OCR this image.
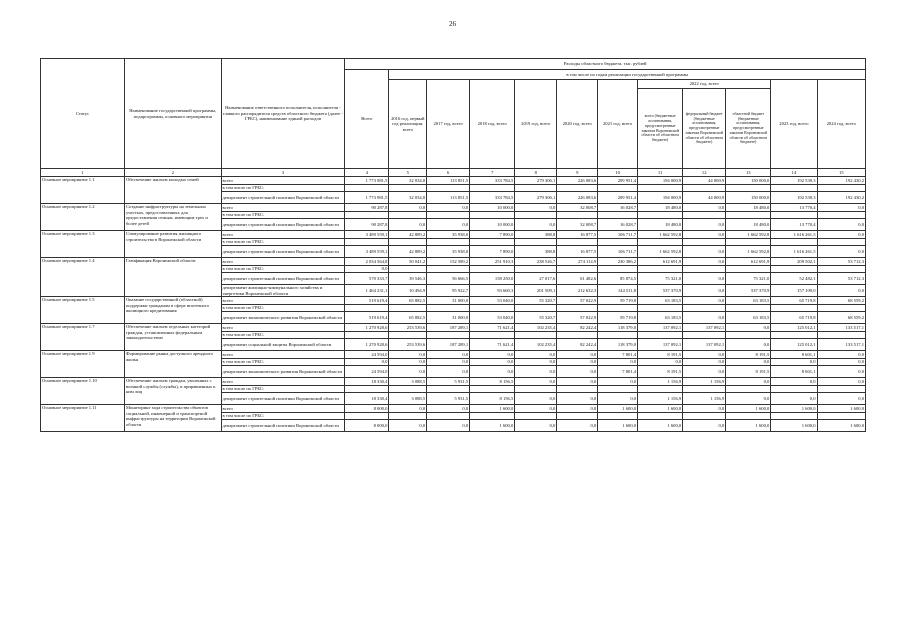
26
Статус	Наименование государственной программы, подпрограммы, основного мероприятия	Наименование ответственного исполнителя, исполнителя - главного распорядителя средств областного бюджета (далее - ГРБС), наименование единой расходов	Расходы областного бюджета, тыс. рублей											
			Всего	в том числе по годам реализации государственной программы										
				2016 год, первый год реализации, всего	2017 год, всего	2018 год, всего	2019 год, всего	2020 год, всего	2021 год, всего	2022 год, всего			2023 год, всего	2024 год, всего
										всего (бюджетные ассигнования, предусмотренные законом Воронежской области об областном бюджете)	федеральный бюджет (бюджетные ассигнования, предусмотренные законом Воронежской области об областном бюджете)	областной бюджет (бюджетные ассигнования, предусмотренные законом Воронежской области об областном бюджете)		
1	2	3	4	5	6	7	8	9	10	11	12	13	14	15
Основное мероприятие 1.1	Обеспечение жильем молодых семей	всего	1 773 981,5	32 034,0	113 851,5	333 784,5	279 306,1	226 083,6	209 951,4	194 000,9	44 000,9	150 000,0	192 539,3	192 430,2
		в том числе по ГРБС:												
		департамент строительной политики Воронежской области	1 773 981,5	32 034,0	113 851,5	333 784,5	279 306,1	226 083,6	209 951,4	194 000,9	44 000,9	150 000,0	192 539,3	192 430,2
Основное мероприятие 1.2	Создание инфраструктуры на земельных участках, предоставленных для предоставления семьям, имеющим трех и более детей	всего	90 287,8	0,0	0,0	10 000,0	0,0	32 008,7	16 028,7	18 480,0	0,0	18 480,0	13 770,4	0,0
		в том числе по ГРБС:												
		департамент строительной политики Воронежской области	90 287,8	0,0	0,0	10 000,0	0,0	32 008,7	16 028,7	18 480,0	0,0	18 480,0	13 770,4	0,0
Основное мероприятие 1.3	Стимулирование развития жилищного строительства в Воронежской области	всего	3 489 559,1	42 889,2	35 938,0	7 890,0	388,8	16 877,5	106 711,7	1 662 592,8	0,0	1 662 592,8	1 616 261,5	0,0
		в том числе по ГРБС:												
		департамент строительной политики Воронежской области	3 489 559,1	42 889,2	35 938,0	7 890,0	388,8	16 877,5	106 711,7	1 662 592,8	0,0	1 662 592,8	1 616 261,5	0,0
Основное мероприятие 1.4	Газификация Воронежской области	всего	2 034 564,8	50 041,2	152 589,2	251 910,3	238 526,7	274 114,9	230 386,2	612 691,9	0,0	612 691,9	209 502,1	53 712,3
		в том числе по ГРБС:	0,0											
		департамент строительной политики Воронежской области	570 333,7	39 546,3	56 666,5	158 250,0	27 017,6	61 482,6	85 874,5	75 321,0	0,0	75 321,0	52 482,1	53 712,3
		департамент жилищно-коммунального хозяйства и энергетики Воронежской области	1 464 231,1	10 494,9	95 922,7	93 660,3	201 509,1	212 632,3	144 511,8	537 370,9	0,0	537 370,9	157 109,0	0,0
Основное мероприятие 1.5	Оказание государственной (областной) поддержки гражданам в сфере ипотечного жилищного кредитования	всего	519 619,4	65 882,5	31 000,0	53 040,0	55 320,7	57 022,9	59 719,8	63 183,5	0,0	63 183,5	65 719,8	68 559,2
		в том числе по ГРБС:												
		департамент экономического развития Воронежской области	519 619,4	65 882,5	31 000,0	53 040,0	55 320,7	57 022,9	59 719,8	63 183,5	0,0	63 183,5	65 719,8	68 559,2
Основное мероприятие 1.7	Обеспечение жильем отдельных категорий граждан, установленных федеральным законодательством	всего	1 270 928,6	253 539,6	187 289,1	71 621,4	102 235,4	82 242,4	118 379,0	137 092,1	137 092,1	0,0	125 012,1	133 517,1
		в том числе по ГРБС:												
		департамент социальной защиты Воронежской области	1 270 928,6	253 539,6	187 289,1	71 621,4	102 235,4	82 242,4	118 379,0	137 092,1	137 092,1	0,0	125 012,1	133 517,1
Основное мероприятие 1.9	Формирование рынка доступного арендного жилья	всего	24 594,0	0,0	0,0	0,0	0,0	0,0	7 801,4	8 191,5	0,0	8 191,5	8 601,1	0,0
		в том числе по ГРБС:	0,0	0,0	0,0	0,0	0,0	0,0	0,0	0,0	0,0	0,0	0,0	0,0
		департамент экономического развития Воронежской области	24 594,0	0,0	0,0	0,0	0,0	0,0	7 801,4	8 191,5	0,0	8 191,5	8 601,1	0,0
Основное мероприятие 1.10	Обеспечение жильем граждан, уволенных с военной службы (службы), и приравненных к ним лиц	всего	18 330,4	3 088,5	5 931,5	8 156,5	0,0	0,0	0,0	1 156,9	1 156,9	0,0	0,0	0,0
		в том числе по ГРБС:												
		департамент строительной политики Воронежской области	18 330,4	3 088,5	5 931,5	8 156,5	0,0	0,0	0,0	1 156,9	1 156,9	0,0	0,0	0,0
Основное мероприятие 1.11	Мониторинг хода строительства объектов социальной, инженерной и транспортной инфраструктуры на территории Воронежской области	всего	8 000,0	0,0	0,0	1 600,0	0,0	0,0	1 600,0	1 600,0	0,0	1 600,0	1 600,0	1 600,0
		в том числе по ГРБС:												
		департамент строительной политики Воронежской области	8 000,0	0,0	0,0	1 600,0	0,0	0,0	1 600,0	1 600,0	0,0	1 600,0	1 600,0	1 600,0
